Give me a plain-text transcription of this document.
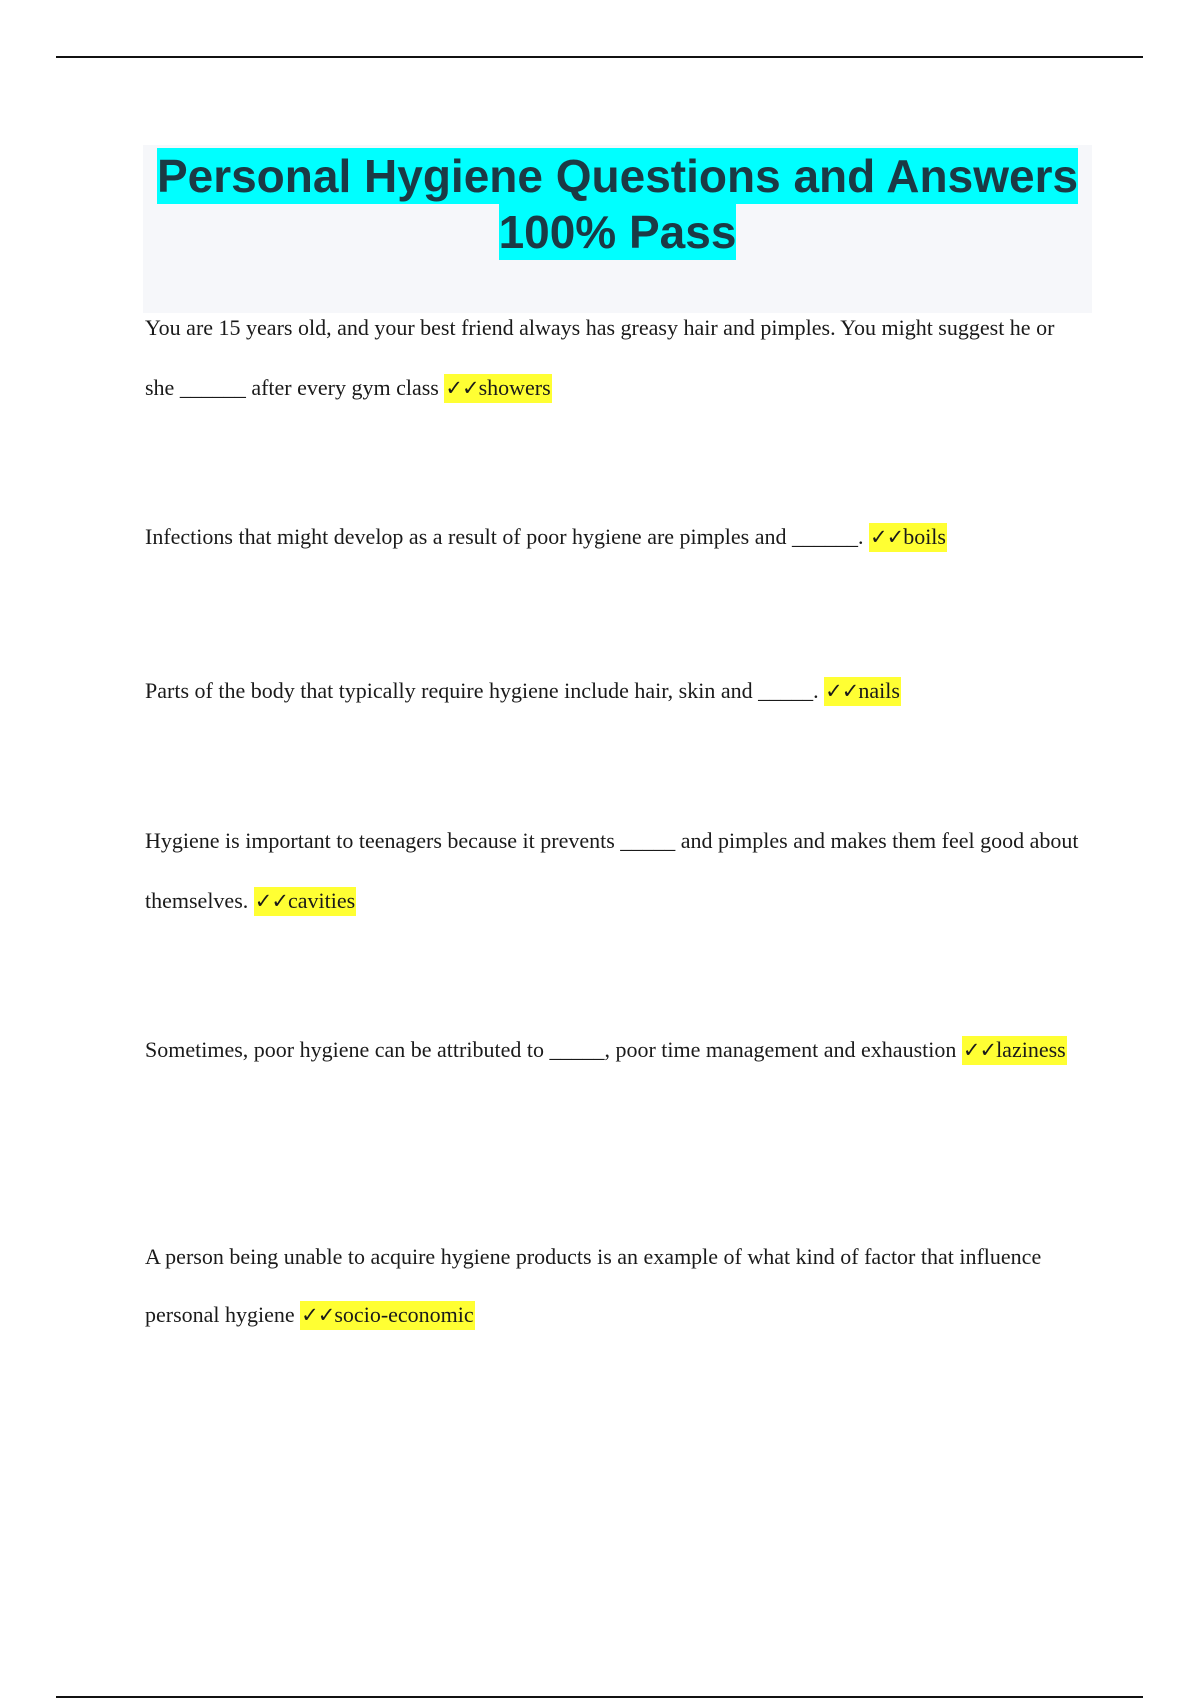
Personal Hygiene Questions and Answers 100% Pass

You are 15 years old, and your best friend always has greasy hair and pimples. You might suggest he or she ______ after every gym class ✓✓showers

Infections that might develop as a result of poor hygiene are pimples and ______. ✓✓boils

Parts of the body that typically require hygiene include hair, skin and _____. ✓✓nails

Hygiene is important to teenagers because it prevents _____ and pimples and makes them feel good about themselves. ✓✓cavities

Sometimes, poor hygiene can be attributed to _____, poor time management and exhaustion ✓✓laziness

A person being unable to acquire hygiene products is an example of what kind of factor that influence personal hygiene ✓✓socio-economic
